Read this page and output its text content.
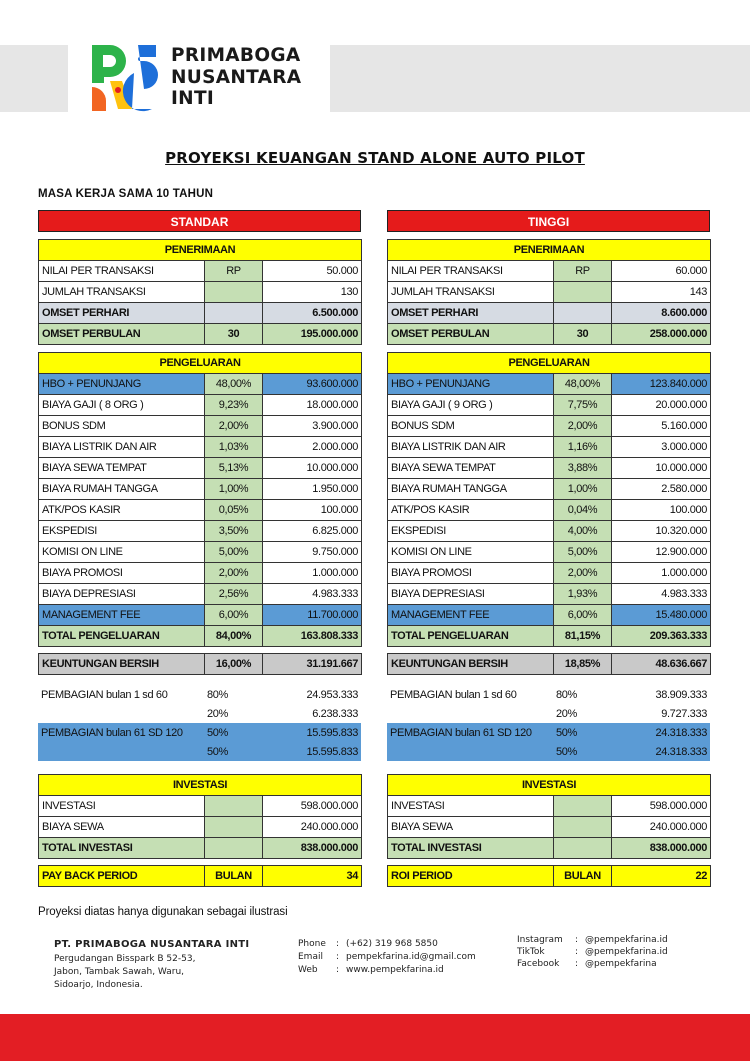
PRIMABOGA
NUSANTARA
INTI
PROYEKSI KEUANGAN STAND ALONE AUTO PILOT
MASA KERJA SAMA 10 TAHUN
STANDAR
PENERIMAAN		
NILAI PER TRANSAKSI	RP	50.000
JUMLAH TRANSAKSI		130
OMSET PERHARI		6.500.000
OMSET PERBULAN	30	195.000.000
PENGELUARAN		
HBO + PENUNJANG	48,00%	93.600.000
BIAYA GAJI ( 8 ORG )	9,23%	18.000.000
BONUS SDM	2,00%	3.900.000
BIAYA LISTRIK DAN AIR	1,03%	2.000.000
BIAYA SEWA TEMPAT	5,13%	10.000.000
BIAYA RUMAH TANGGA	1,00%	1.950.000
ATK/POS KASIR	0,05%	100.000
EKSPEDISI	3,50%	6.825.000
KOMISI ON LINE	5,00%	9.750.000
BIAYA PROMOSI	2,00%	1.000.000
BIAYA DEPRESIASI	2,56%	4.983.333
MANAGEMENT FEE	6,00%	11.700.000
TOTAL PENGELUARAN	84,00%	163.808.333
KEUNTUNGAN BERSIH	16,00%	31.191.667
PEMBAGIAN bulan 1 sd 60	80%	24.953.333
	20%	6.238.333
PEMBAGIAN bulan 61 SD 120	50%	15.595.833
	50%	15.595.833
INVESTASI		
INVESTASI		598.000.000
BIAYA SEWA		240.000.000
TOTAL INVESTASI		838.000.000
PAY BACK PERIOD	BULAN	34
TINGGI
PENERIMAAN		
NILAI PER TRANSAKSI	RP	60.000
JUMLAH TRANSAKSI		143
OMSET PERHARI		8.600.000
OMSET PERBULAN	30	258.000.000
PENGELUARAN		
HBO + PENUNJANG	48,00%	123.840.000
BIAYA GAJI ( 9 ORG )	7,75%	20.000.000
BONUS SDM	2,00%	5.160.000
BIAYA LISTRIK DAN AIR	1,16%	3.000.000
BIAYA SEWA TEMPAT	3,88%	10.000.000
BIAYA RUMAH TANGGA	1,00%	2.580.000
ATK/POS KASIR	0,04%	100.000
EKSPEDISI	4,00%	10.320.000
KOMISI ON LINE	5,00%	12.900.000
BIAYA PROMOSI	2,00%	1.000.000
BIAYA DEPRESIASI	1,93%	4.983.333
MANAGEMENT FEE	6,00%	15.480.000
TOTAL PENGELUARAN	81,15%	209.363.333
KEUNTUNGAN BERSIH	18,85%	48.636.667
PEMBAGIAN bulan 1 sd 60	80%	38.909.333
	20%	9.727.333
PEMBAGIAN bulan 61 SD 120	50%	24.318.333
	50%	24.318.333
INVESTASI		
INVESTASI		598.000.000
BIAYA SEWA		240.000.000
TOTAL INVESTASI		838.000.000
ROI PERIOD	BULAN	22
Proyeksi diatas hanya digunakan sebagai ilustrasi
PT. PRIMABOGA NUSANTARA INTI
Pergudangan Bisspark B 52-53,
Jabon, Tambak Sawah, Waru,
Sidoarjo, Indonesia.
Phone	: (+62) 319 968 5850
Email	: pempekfarina.id@gmail.com
Web	: www.pempekfarina.id
Instagram	: @pempekfarina.id
TikTok	: @pempekfarina.id
Facebook	: @pempekfarina
